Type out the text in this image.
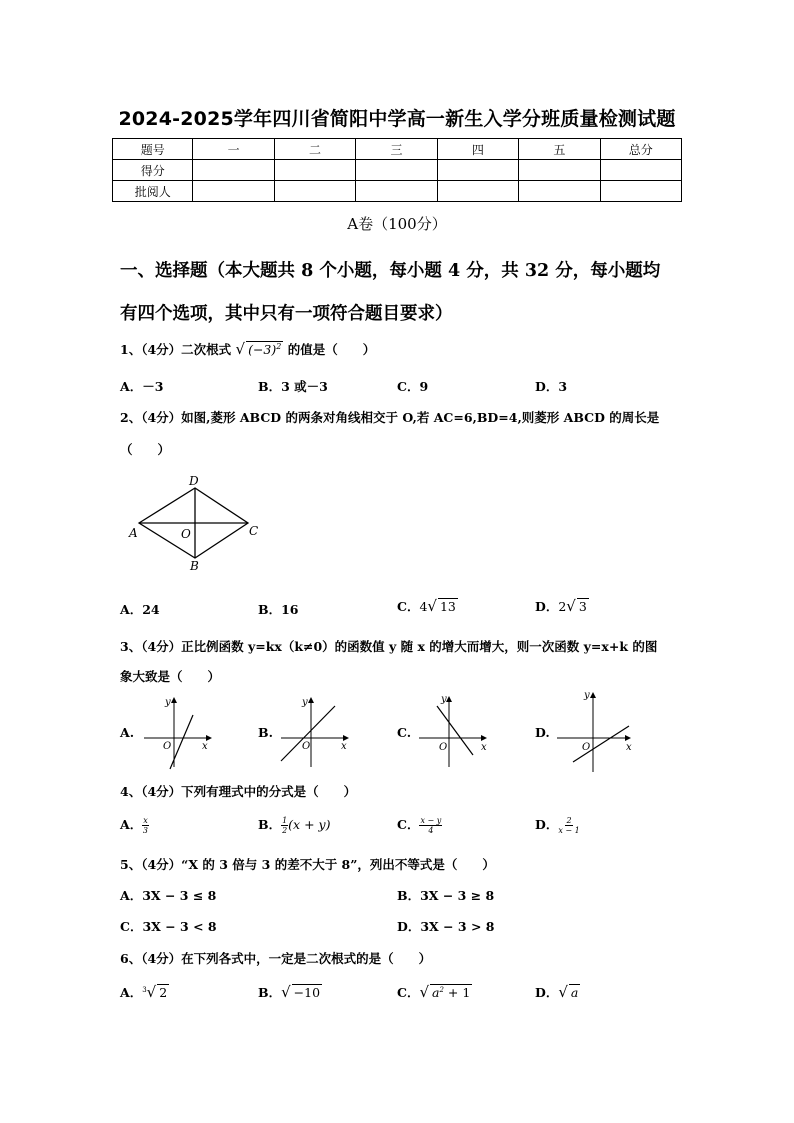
2024-2025学年四川省简阳中学高一新生入学分班质量检测试题
题号	一	二	三	四	五	总分
得分						
批阅人						
A卷（100分）
一、选择题（本大题共 8 个小题，每小题 4 分，共 32 分，每小题均
有四个选项，其中只有一项符合题目要求）
1、（4分）二次根式 √ $(-3)^2$ 的值是（　　）
A．－3	B．3 或－3	C．9	D．3
2、（4分）如图,菱形 ABCD 的两条对角线相交于 O,若 AC=6,BD=4,则菱形 ABCD 的周长是
（　　）
D
A	O	C
B
A．24	B．16	C．4√ 13	D．2√ 3
3、（4分）正比例函数 y=kx（k≠0）的函数值 y 随 x 的增大而增大，则一次函数 y=x+k 的图
象大致是（　　）
A.	B.	C.	D.
x
y
O	x
y
O	x
y
O	x
y
O
4、（4分）下列有理式中的分式是（　　）
A． $\frac{x}{3}$	B． $\frac{1}{2} (x + y)$	C． $\frac{x - y}{4}$	D． $\frac{2}{x - 1}$
5、（4分）“X 的 3 倍与 3 的差不大于 8”，列出不等式是（　　）
A．3X − 3 ≤ 8	B．3X − 3 ≥ 8
C．3X − 3 < 8	D．3X − 3 > 8
6、（4分）在下列各式中，一定是二次根式的是（　　）
A．$^3$√ 2	B．√ −10	C．√ $a^2 + 1$	D．√ a
